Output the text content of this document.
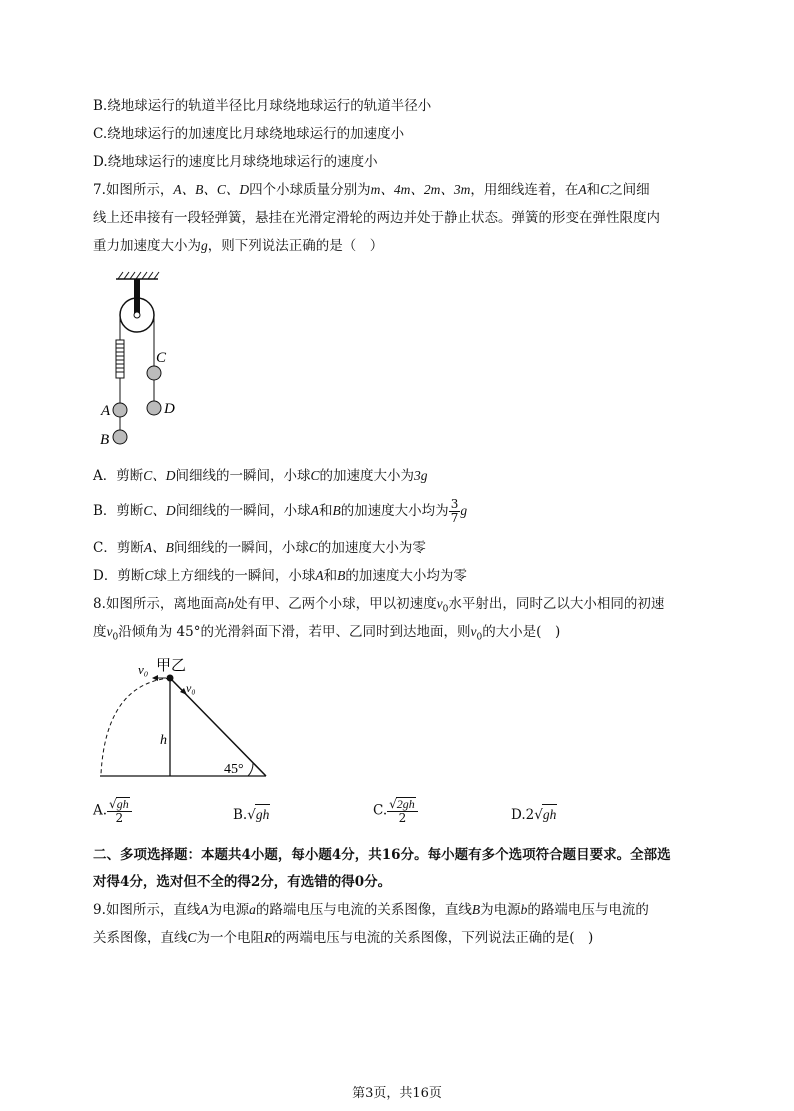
B.绕地球运行的轨道半径比月球绕地球运行的轨道半径小
C.绕地球运行的加速度比月球绕地球运行的加速度小
D.绕地球运行的速度比月球绕地球运行的速度小
7.如图所示，A、B、C、D四个小球质量分别为m、4m、2m、3m，用细线连着，在A和C之间细
线上还串接有一段轻弹簧，悬挂在光滑定滑轮的两边并处于静止状态。弹簧的形变在弹性限度内
重力加速度大小为g，则下列说法正确的是（　）
C
A	D
B
A．剪断C、D间细线的一瞬间，小球C的加速度大小为3g
B．剪断C、D间细线的一瞬间，小球A和B的加速度大小均为 $\frac{3}{7}$ g
C．剪断A、B间细线的一瞬间，小球C的加速度大小为零
D．剪断C球上方细线的一瞬间，小球A和B的加速度大小均为零
8.如图所示，离地面高h处有甲、乙两个小球，甲以初速度$v_0$水平射出，同时乙以大小相同的初速
度$v_0$沿倾角为 45°的光滑斜面下滑，若甲、乙同时到达地面，则$v_0$的大小是(　)
v₀ 甲乙
v₀
h
45°
A. $\frac{√gh}{2}$	B.√gh	C. $\frac{√2gh}{2}$	D.2√gh
二、多项选择题：本题共4小题，每小题4分，共16分。每小题有多个选项符合题目要求。全部选
对得4分，选对但不全的得2分，有选错的得0分。
9.如图所示，直线A为电源a的路端电压与电流的关系图像，直线B为电源b的路端电压与电流的
关系图像，直线C为一个电阻R的两端电压与电流的关系图像，下列说法正确的是(　)
第3页，共16页
